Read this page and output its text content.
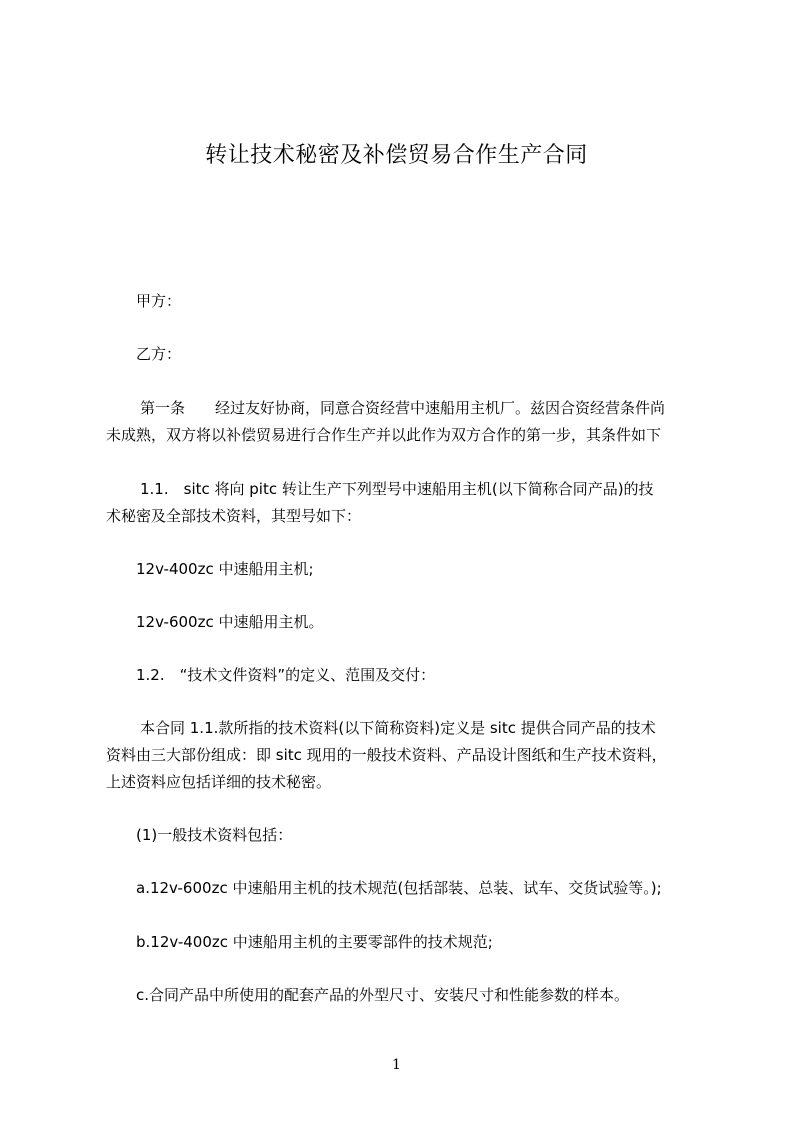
转让技术秘密及补偿贸易合作生产合同
甲方：
乙方：
第一条　　经过友好协商，同意合资经营中速船用主机厂。兹因合资经营条件尚
未成熟，双方将以补偿贸易进行合作生产并以此作为双方合作的第一步，其条件如下
1.1.　sitc 将向 pitc 转让生产下列型号中速船用主机(以下简称合同产品)的技
术秘密及全部技术资料，其型号如下：
12v-400zc 中速船用主机;
12v-600zc 中速船用主机。
1.2.　“技术文件资料”的定义、范围及交付：
本合同 1.1.款所指的技术资料(以下简称资料)定义是 sitc 提供合同产品的技术
资料由三大部份组成：即 sitc 现用的一般技术资料、产品设计图纸和生产技术资料，
上述资料应包括详细的技术秘密。
(1)一般技术资料包括：
a.12v-600zc 中速船用主机的技术规范(包括部装、总装、试车、交货试验等。);
b.12v-400zc 中速船用主机的主要零部件的技术规范;
c.合同产品中所使用的配套产品的外型尺寸、安装尺寸和性能参数的样本。
1
